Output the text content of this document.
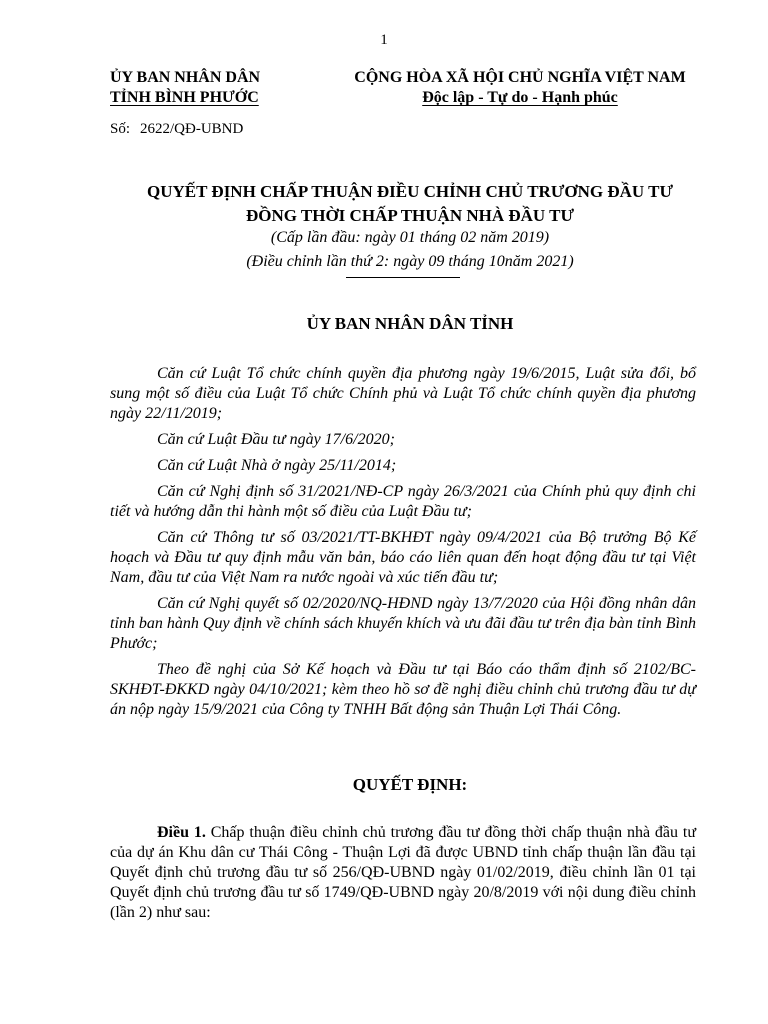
1
ỦY BAN NHÂN DÂN
TỈNH BÌNH PHƯỚC
CỘNG HÒA XÃ HỘI CHỦ NGHĨA VIỆT NAM
Độc lập - Tự do - Hạnh phúc
Số: 2622/QĐ-UBND
QUYẾT ĐỊNH CHẤP THUẬN ĐIỀU CHỈNH CHỦ TRƯƠNG ĐẦU TƯ
ĐỒNG THỜI CHẤP THUẬN NHÀ ĐẦU TƯ
(Cấp lần đầu: ngày 01 tháng 02 năm 2019)
(Điều chỉnh lần thứ 2: ngày 09 tháng 10năm 2021)
ỦY BAN NHÂN DÂN TỈNH

Căn cứ Luật Tổ chức chính quyền địa phương ngày 19/6/2015, Luật sửa đổi, bổ sung một số điều của Luật Tổ chức Chính phủ và Luật Tổ chức chính quyền địa phương ngày 22/11/2019;

Căn cứ Luật Đầu tư ngày 17/6/2020;

Căn cứ Luật Nhà ở ngày 25/11/2014;

Căn cứ Nghị định số 31/2021/NĐ-CP ngày 26/3/2021 của Chính phủ quy định chi tiết và hướng dẫn thi hành một số điều của Luật Đầu tư;

Căn cứ Thông tư số 03/2021/TT-BKHĐT ngày 09/4/2021 của Bộ trưởng Bộ Kế hoạch và Đầu tư quy định mẫu văn bản, báo cáo liên quan đến hoạt động đầu tư tại Việt Nam, đầu tư của Việt Nam ra nước ngoài và xúc tiến đầu tư;

Căn cứ Nghị quyết số 02/2020/NQ-HĐND ngày 13/7/2020 của Hội đồng nhân dân tỉnh ban hành Quy định về chính sách khuyến khích và ưu đãi đầu tư trên địa bàn tỉnh Bình Phước;

Theo đề nghị của Sở Kế hoạch và Đầu tư tại Báo cáo thẩm định số 2102/BC-SKHĐT-ĐKKD ngày 04/10/2021; kèm theo hồ sơ đề nghị điều chỉnh chủ trương đầu tư dự án nộp ngày 15/9/2021 của Công ty TNHH Bất động sản Thuận Lợi Thái Công.

QUYẾT ĐỊNH:

Điều 1. Chấp thuận điều chỉnh chủ trương đầu tư đồng thời chấp thuận nhà đầu tư của dự án Khu dân cư Thái Công - Thuận Lợi đã được UBND tỉnh chấp thuận lần đầu tại Quyết định chủ trương đầu tư số 256/QĐ-UBND ngày 01/02/2019, điều chỉnh lần 01 tại Quyết định chủ trương đầu tư số 1749/QĐ-UBND ngày 20/8/2019 với nội dung điều chỉnh (lần 2) như sau:
